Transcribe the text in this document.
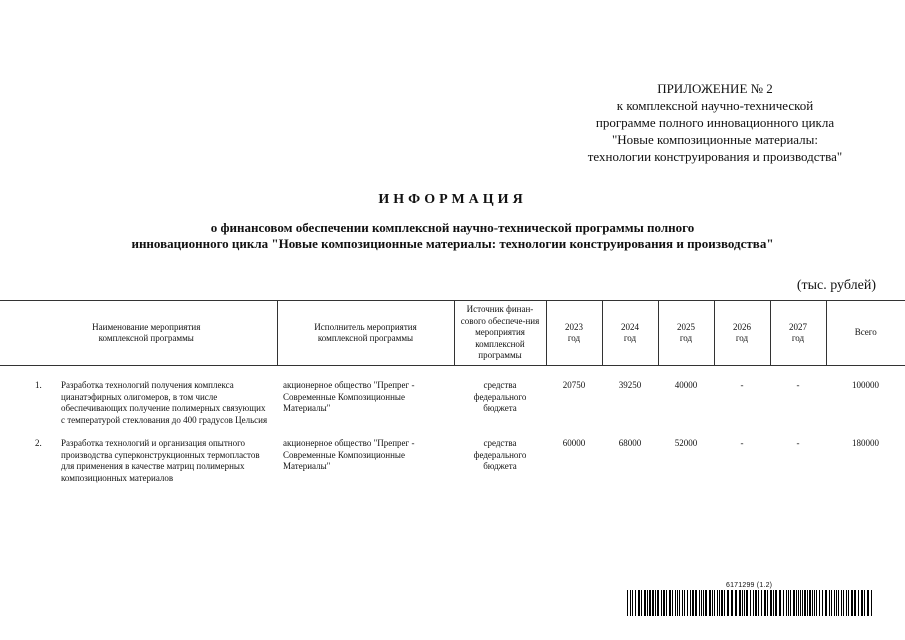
ПРИЛОЖЕНИЕ № 2
к комплексной научно-технической
программе полного инновационного цикла
"Новые композиционные материалы:
технологии конструирования и производства"
ИНФОРМАЦИЯ
о финансовом обеспечении комплексной научно-технической программы полного
инновационного цикла "Новые композиционные материалы: технологии конструирования и производства"
(тыс. рублей)
Наименование мероприятия комплексной программы	Исполнитель мероприятия комплексной программы	Источник финан-сового обеспече-ния мероприятия комплексной программы	2023 год	2024 год	2025 год	2026 год	2027 год	Всего

1. Разработка технологий получения комплекса цианатэфирных олигомеров, в том числе обеспечивающих получение полимерных связующих с температурой стеклования до 400 градусов Цельсия	акционерное общество "Препрег - Современные Композиционные Материалы"	средства федерального бюджета	20750	39250	40000	-	-	100000

2. Разработка технологий и организация опытного производства суперконструкционных термопластов для применения в качестве матриц полимерных композиционных материалов	акционерное общество "Препрег - Современные Композиционные Материалы"	средства федерального бюджета	60000	68000	52000	-	-	180000
6171299 (1.2)
